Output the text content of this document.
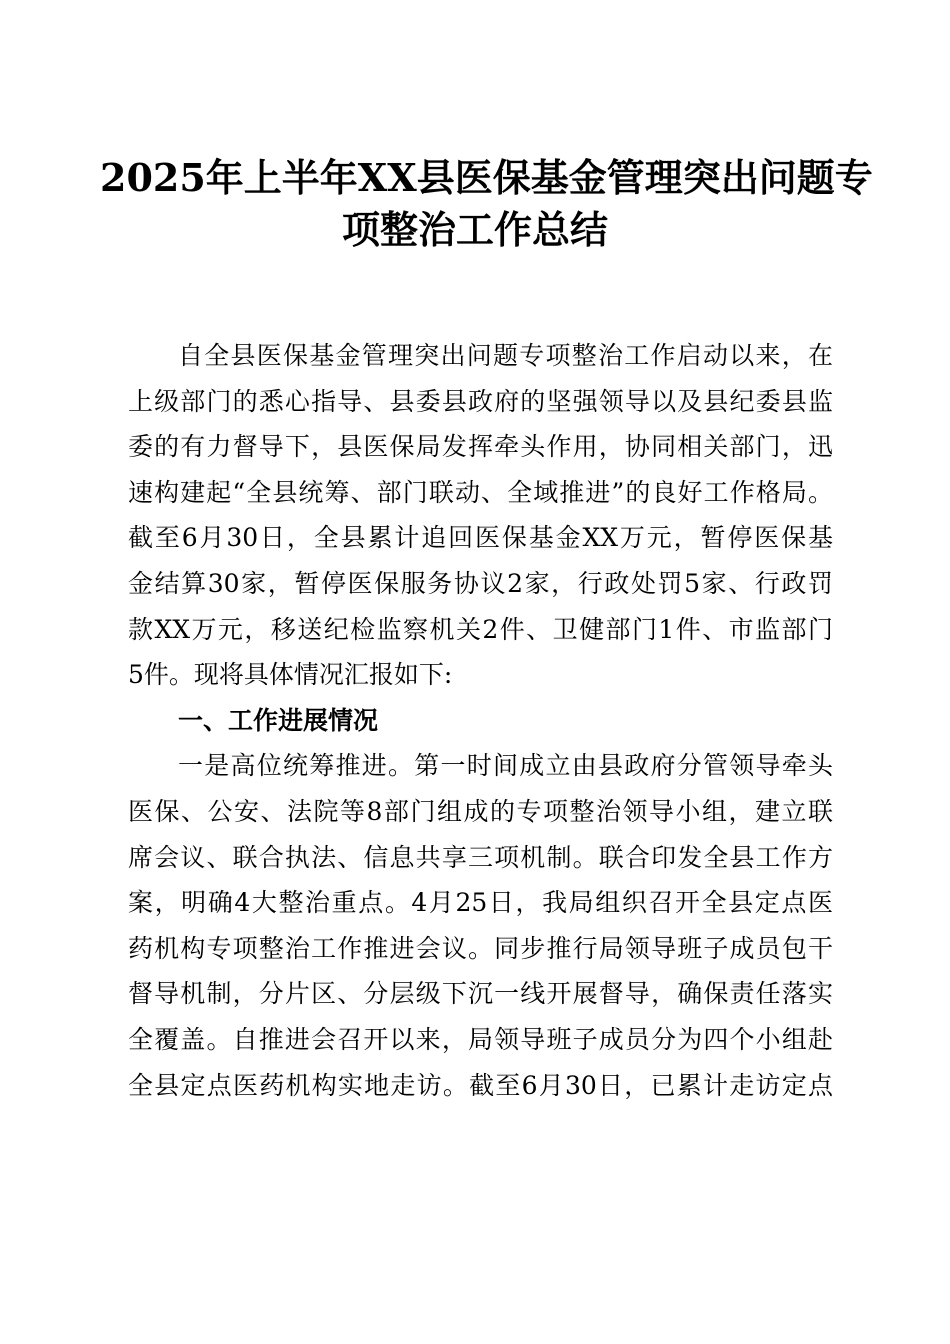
2025年上半年XX县医保基金管理突出问题专
项整治工作总结
自全县医保基金管理突出问题专项整治工作启动以来，在
上级部门的悉心指导、县委县政府的坚强领导以及县纪委县监
委的有力督导下，县医保局发挥牵头作用，协同相关部门，迅
速构建起“全县统筹、部门联动、全域推进”的良好工作格局。
截至6月30日，全县累计追回医保基金XX万元，暂停医保基
金结算30家，暂停医保服务协议2家，行政处罚5家、行政罚
款XX万元，移送纪检监察机关2件、卫健部门1件、市监部门
5件。现将具体情况汇报如下:
一、工作进展情况
一是高位统筹推进。第一时间成立由县政府分管领导牵头
医保、公安、法院等8部门组成的专项整治领导小组，建立联
席会议、联合执法、信息共享三项机制。联合印发全县工作方
案，明确4大整治重点。4月25日，我局组织召开全县定点医
药机构专项整治工作推进会议。同步推行局领导班子成员包干
督导机制，分片区、分层级下沉一线开展督导，确保责任落实
全覆盖。自推进会召开以来，局领导班子成员分为四个小组赴
全县定点医药机构实地走访。截至6月30日，已累计走访定点
